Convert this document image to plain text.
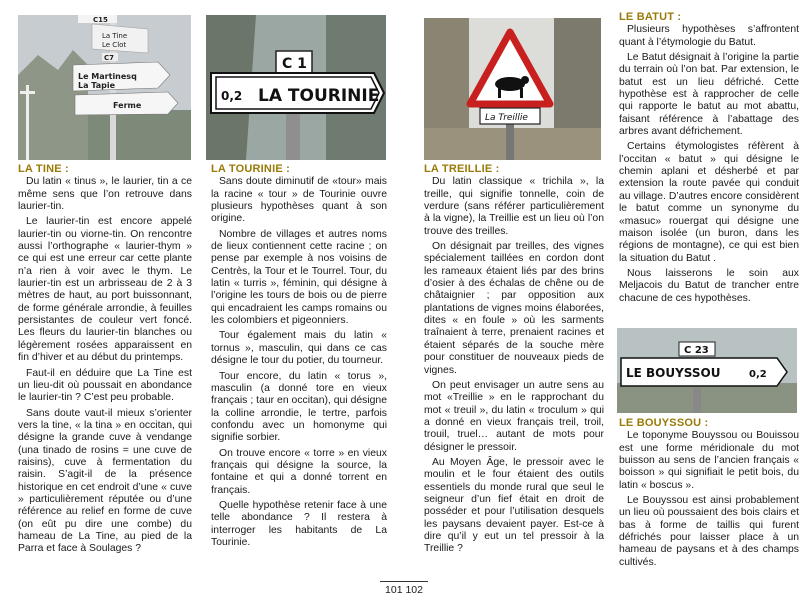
C15
La Tine
Le Clot
C7
Le Martinesq
La Tapie
Ferme
C 1
0,2 LA TOURINIE
La Treillie
C 23
LE BOUYSSOU	0,2
LA TINE :

Du latin « tinus », le laurier, tin a ce même sens que l’on retrouve dans laurier-tin.

Le laurier-tin est encore appelé laurier-tin ou viorne-tin. On rencontre aussi l’orthographe « laurier-thym » ce qui est une erreur car cette plante n’a rien à voir avec le thym. Le laurier-tin est un arbrisseau de 2 à 3 mètres de haut, au port buissonnant, de forme générale arrondie, à feuilles persistantes de couleur vert foncé. Les fleurs du laurier-tin blanches ou légèrement rosées apparaissent en fin d’hiver et au début du printemps.

Faut-il en déduire que La Tine est un lieu-dit où poussait en abondance le laurier-tin ? C’est peu probable.

Sans doute vaut-il mieux s’orienter vers la tine, « la tina » en occitan, qui désigne la grande cuve à vendange (una tinado de rosins = une cuve de raisins), cuve à fermentation du raisin. S’agit-il de la présence historique en cet endroit d’une « cuve » particulièrement réputée ou d’une référence au relief en forme de cuve (on eût pu dire une combe) du hameau de La Tine, au pied de la Parra et face à Soulages ?

LA TOURINIE :

Sans doute diminutif de «tour» mais la racine « tour » de Tourinie ouvre plusieurs hypothèses quant à son origine.

Nombre de villages et autres noms de lieux contiennent cette racine ; on pense par exemple à nos voisins de Centrès, la Tour et le Tourrel. Tour, du latin « turris », féminin, qui désigne à l’origine les tours de bois ou de pierre qui encadraient les camps romains ou les colombiers et pigeonniers.

Tour également mais du latin « tornus », masculin, qui dans ce cas désigne le tour du potier, du tourneur.

Tour encore, du latin « torus », masculin (a donné tore en vieux français ; taur en occitan), qui désigne la colline arrondie, le tertre, parfois confondu avec un homonyme qui signifie sorbier.

On trouve encore « torre » en vieux français qui désigne la source, la fontaine et qui a donné torrent en français.

Quelle hypothèse retenir face à une telle abondance ? Il restera à interroger les habitants de La Tourinie.

LA TREILLIE :

Du latin classique « trichila », la treille, qui signifie tonnelle, coin de verdure (sans référer particulièrement à la vigne), la Treillie est un lieu où l’on trouve des treilles.

On désignait par treilles, des vignes spécialement taillées en cordon dont les rameaux étaient liés par des brins d’osier à des échalas de chêne ou de châtaignier ; par opposition aux plantations de vignes moins élaborées, dites « en foule » où les sarments traînaient à terre, prenaient racines et étaient séparés de la souche mère pour constituer de nouveaux pieds de vignes.

On peut envisager un autre sens au mot «Treillie » en le rapprochant du mot « treuil », du latin « troculum » qui a donné en vieux français treil, troil, trouil, truel… autant de mots pour désigner le pressoir.

Au Moyen Âge, le pressoir avec le moulin et le four étaient des outils essentiels du monde rural que seul le seigneur d’un fief était en droit de posséder et pour l’utilisation desquels les paysans devaient payer. Est-ce à dire qu’il y eut un tel pressoir à la Treillie ?

LE BATUT :

Plusieurs hypothèses s’affrontent quant à l’étymologie du Batut.

Le Batut désignait à l’origine la partie du terrain où l’on bat. Par extension, le batut est un lieu défriché. Cette hypothèse est à rapprocher de celle qui rapporte le batut au mot abattu, faisant référence à l’abattage des arbres avant défrichement.

Certains étymologistes réfèrent à l’occitan « batut » qui désigne le chemin aplani et désherbé et par extension la route pavée qui conduit au village. D’autres encore considèrent le batut comme un synonyme du «masuc» rouergat qui désigne une maison isolée (un buron, dans les régions de montagne), ce qui est bien la situation du Batut .

Nous laisserons le soin aux Meljacois du Batut de trancher entre chacune de ces hypothèses.

LE BOUYSSOU :

Le toponyme Bouyssou ou Bouissou est une forme méridionale du mot buisson au sens de l’ancien français « boisson » qui signifiait le petit bois, du latin « boscus ».

Le Bouyssou est ainsi probablement un lieu où poussaient des bois clairs et bas à forme de taillis qui furent défrichés pour laisser place à un hameau de paysans et à des champs cultivés.

101 102
